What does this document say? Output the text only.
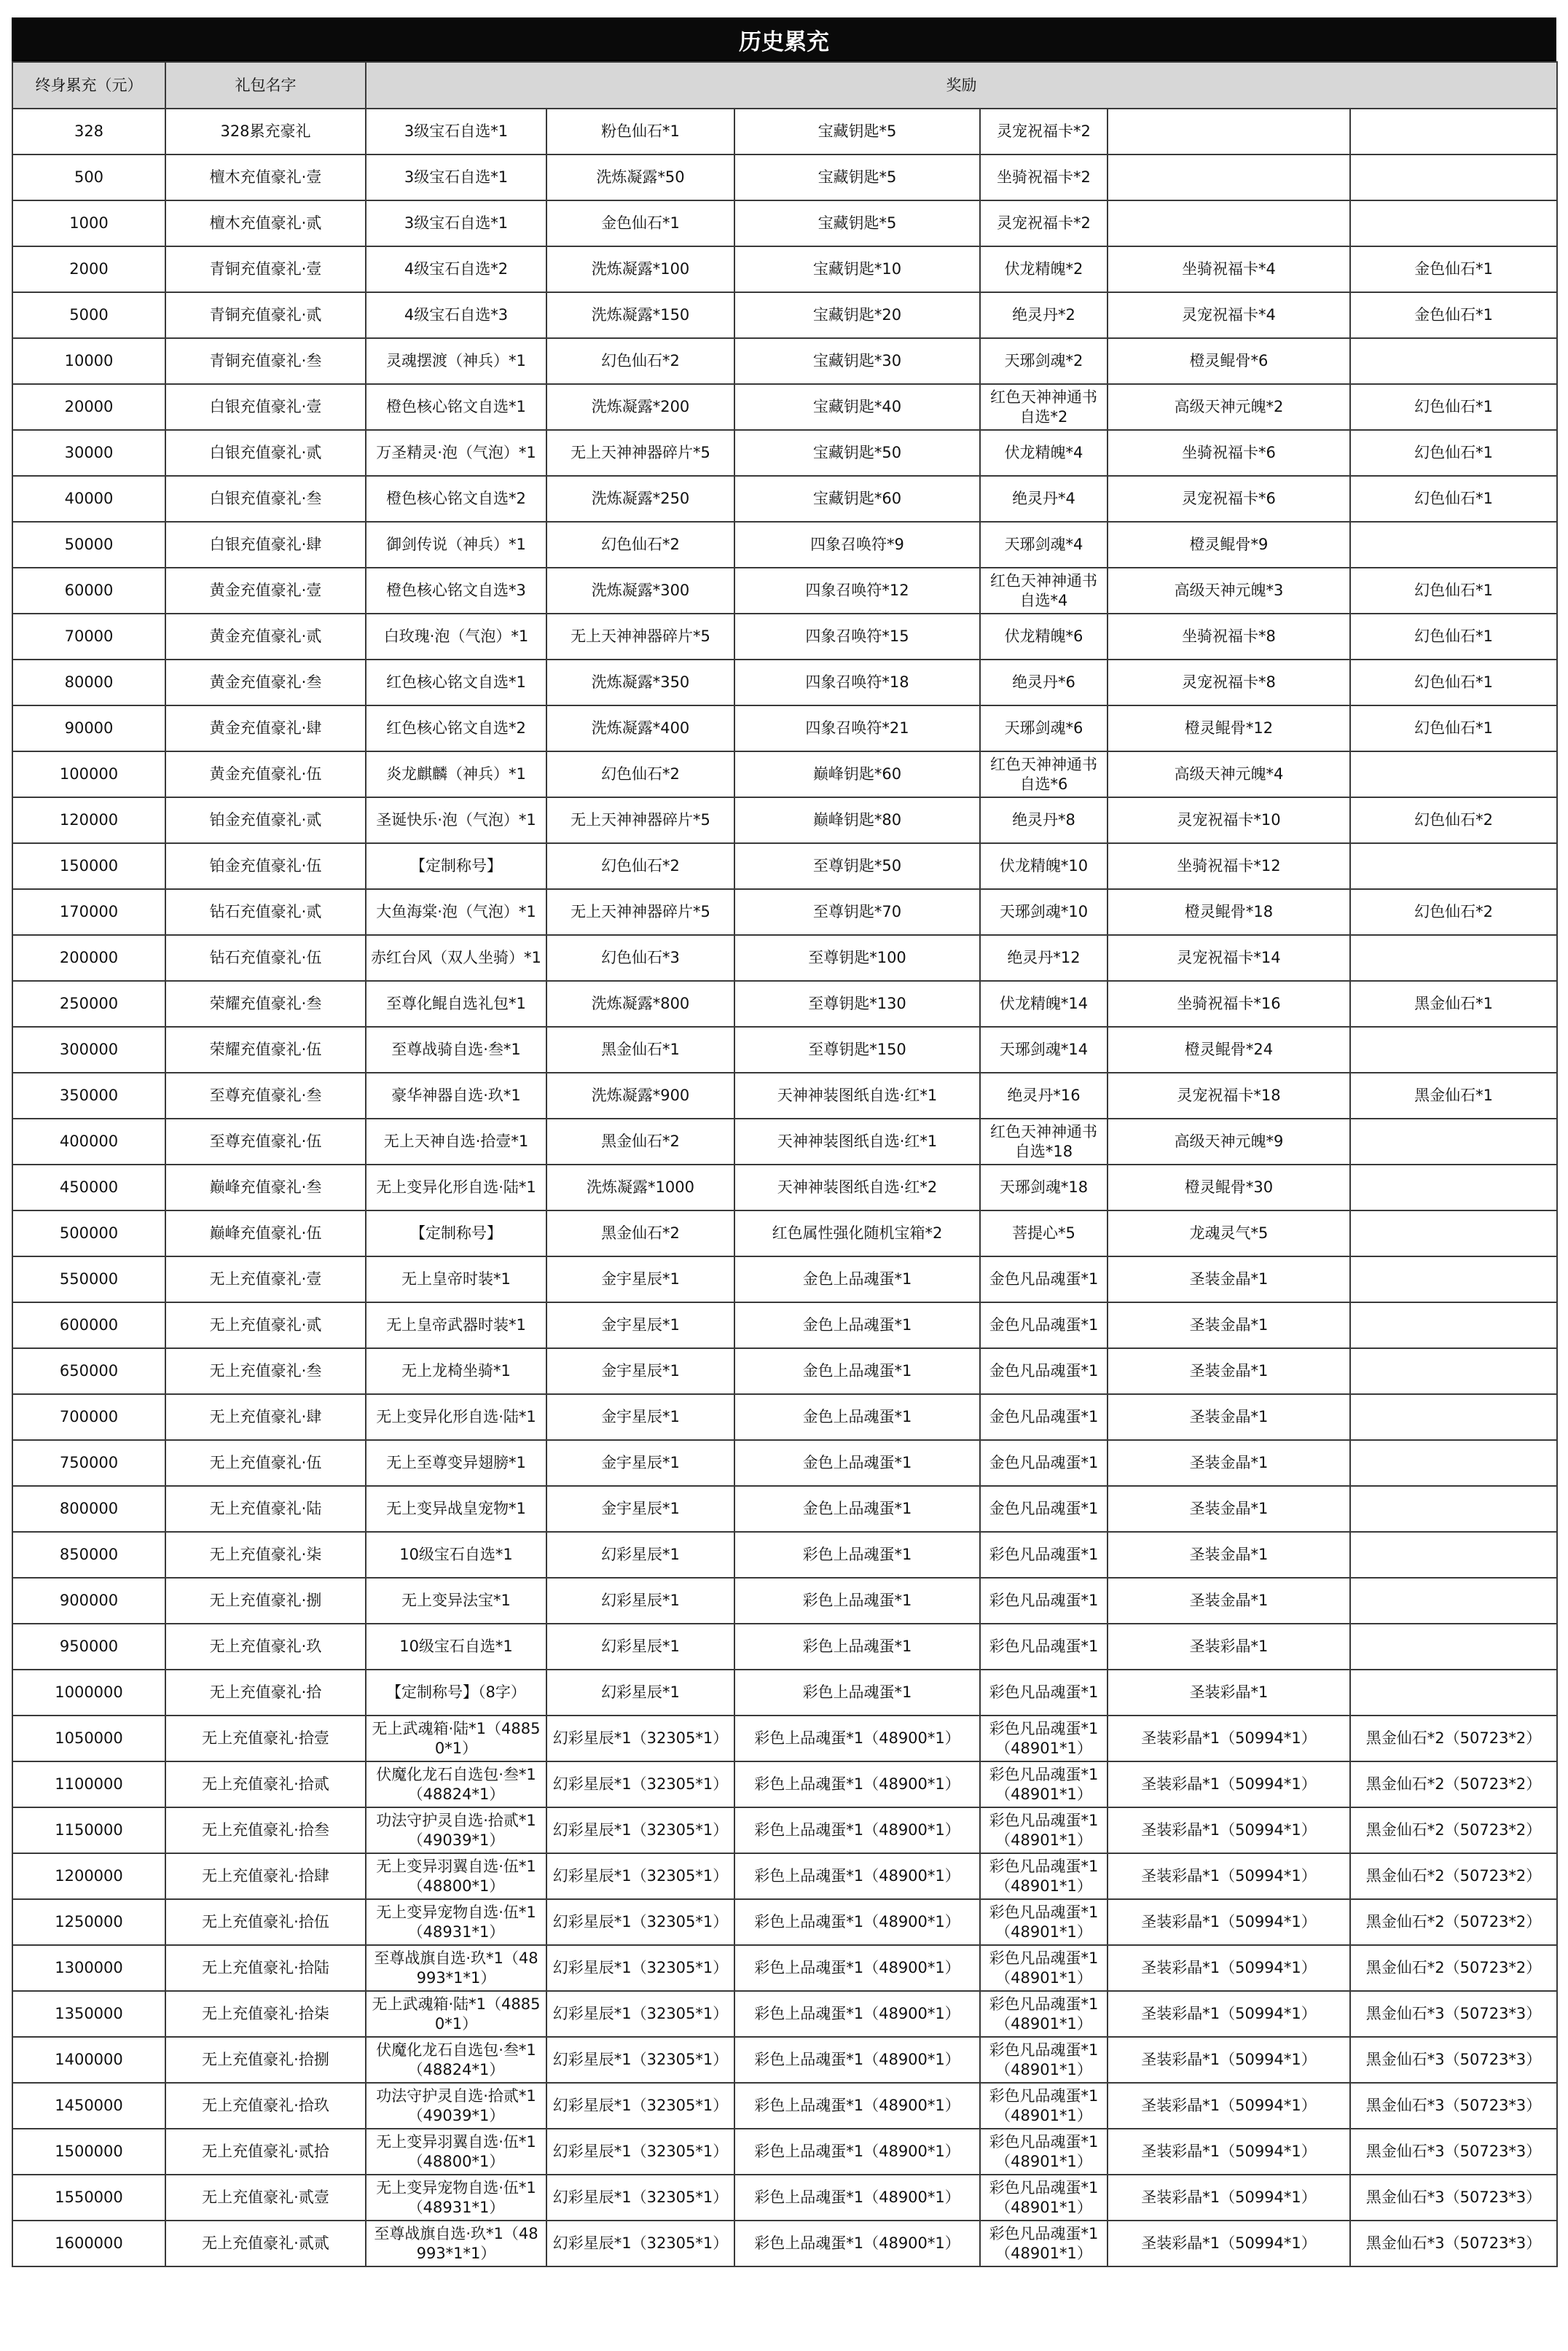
历史累充
终身累充（元）	礼包名字	奖励					
328	328累充豪礼	3级宝石自选*1	粉色仙石*1	宝藏钥匙*5	灵宠祝福卡*2		
500	檀木充值豪礼·壹	3级宝石自选*1	洗炼凝露*50	宝藏钥匙*5	坐骑祝福卡*2		
1000	檀木充值豪礼·贰	3级宝石自选*1	金色仙石*1	宝藏钥匙*5	灵宠祝福卡*2		
2000	青铜充值豪礼·壹	4级宝石自选*2	洗炼凝露*100	宝藏钥匙*10	伏龙精魄*2	坐骑祝福卡*4	金色仙石*1
5000	青铜充值豪礼·贰	4级宝石自选*3	洗炼凝露*150	宝藏钥匙*20	绝灵丹*2	灵宠祝福卡*4	金色仙石*1
10000	青铜充值豪礼·叁	灵魂摆渡（神兵）*1	幻色仙石*2	宝藏钥匙*30	天琊剑魂*2	橙灵鲲骨*6	
20000	白银充值豪礼·壹	橙色核心铭文自选*1	洗炼凝露*200	宝藏钥匙*40	红色天神神通书自选*2	高级天神元魄*2	幻色仙石*1
30000	白银充值豪礼·贰	万圣精灵·泡（气泡）*1	无上天神神器碎片*5	宝藏钥匙*50	伏龙精魄*4	坐骑祝福卡*6	幻色仙石*1
40000	白银充值豪礼·叁	橙色核心铭文自选*2	洗炼凝露*250	宝藏钥匙*60	绝灵丹*4	灵宠祝福卡*6	幻色仙石*1
50000	白银充值豪礼·肆	御剑传说（神兵）*1	幻色仙石*2	四象召唤符*9	天琊剑魂*4	橙灵鲲骨*9	
60000	黄金充值豪礼·壹	橙色核心铭文自选*3	洗炼凝露*300	四象召唤符*12	红色天神神通书自选*4	高级天神元魄*3	幻色仙石*1
70000	黄金充值豪礼·贰	白玫瑰·泡（气泡）*1	无上天神神器碎片*5	四象召唤符*15	伏龙精魄*6	坐骑祝福卡*8	幻色仙石*1
80000	黄金充值豪礼·叁	红色核心铭文自选*1	洗炼凝露*350	四象召唤符*18	绝灵丹*6	灵宠祝福卡*8	幻色仙石*1
90000	黄金充值豪礼·肆	红色核心铭文自选*2	洗炼凝露*400	四象召唤符*21	天琊剑魂*6	橙灵鲲骨*12	幻色仙石*1
100000	黄金充值豪礼·伍	炎龙麒麟（神兵）*1	幻色仙石*2	巅峰钥匙*60	红色天神神通书自选*6	高级天神元魄*4	
120000	铂金充值豪礼·贰	圣诞快乐·泡（气泡）*1	无上天神神器碎片*5	巅峰钥匙*80	绝灵丹*8	灵宠祝福卡*10	幻色仙石*2
150000	铂金充值豪礼·伍	【定制称号】	幻色仙石*2	至尊钥匙*50	伏龙精魄*10	坐骑祝福卡*12	
170000	钻石充值豪礼·贰	大鱼海棠·泡（气泡）*1	无上天神神器碎片*5	至尊钥匙*70	天琊剑魂*10	橙灵鲲骨*18	幻色仙石*2
200000	钻石充值豪礼·伍	赤红台风（双人坐骑）*1	幻色仙石*3	至尊钥匙*100	绝灵丹*12	灵宠祝福卡*14	
250000	荣耀充值豪礼·叁	至尊化鲲自选礼包*1	洗炼凝露*800	至尊钥匙*130	伏龙精魄*14	坐骑祝福卡*16	黑金仙石*1
300000	荣耀充值豪礼·伍	至尊战骑自选·叁*1	黑金仙石*1	至尊钥匙*150	天琊剑魂*14	橙灵鲲骨*24	
350000	至尊充值豪礼·叁	豪华神器自选·玖*1	洗炼凝露*900	天神神装图纸自选·红*1	绝灵丹*16	灵宠祝福卡*18	黑金仙石*1
400000	至尊充值豪礼·伍	无上天神自选·拾壹*1	黑金仙石*2	天神神装图纸自选·红*1	红色天神神通书自选*18	高级天神元魄*9	
450000	巅峰充值豪礼·叁	无上变异化形自选·陆*1	洗炼凝露*1000	天神神装图纸自选·红*2	天琊剑魂*18	橙灵鲲骨*30	
500000	巅峰充值豪礼·伍	【定制称号】	黑金仙石*2	红色属性强化随机宝箱*2	菩提心*5	龙魂灵气*5	
550000	无上充值豪礼·壹	无上皇帝时装*1	金宇星辰*1	金色上品魂蛋*1	金色凡品魂蛋*1	圣装金晶*1	
600000	无上充值豪礼·贰	无上皇帝武器时装*1	金宇星辰*1	金色上品魂蛋*1	金色凡品魂蛋*1	圣装金晶*1	
650000	无上充值豪礼·叁	无上龙椅坐骑*1	金宇星辰*1	金色上品魂蛋*1	金色凡品魂蛋*1	圣装金晶*1	
700000	无上充值豪礼·肆	无上变异化形自选·陆*1	金宇星辰*1	金色上品魂蛋*1	金色凡品魂蛋*1	圣装金晶*1	
750000	无上充值豪礼·伍	无上至尊变异翅膀*1	金宇星辰*1	金色上品魂蛋*1	金色凡品魂蛋*1	圣装金晶*1	
800000	无上充值豪礼·陆	无上变异战皇宠物*1	金宇星辰*1	金色上品魂蛋*1	金色凡品魂蛋*1	圣装金晶*1	
850000	无上充值豪礼·柒	10级宝石自选*1	幻彩星辰*1	彩色上品魂蛋*1	彩色凡品魂蛋*1	圣装金晶*1	
900000	无上充值豪礼·捌	无上变异法宝*1	幻彩星辰*1	彩色上品魂蛋*1	彩色凡品魂蛋*1	圣装金晶*1	
950000	无上充值豪礼·玖	10级宝石自选*1	幻彩星辰*1	彩色上品魂蛋*1	彩色凡品魂蛋*1	圣装彩晶*1	
1000000	无上充值豪礼·拾	【定制称号】（8字）	幻彩星辰*1	彩色上品魂蛋*1	彩色凡品魂蛋*1	圣装彩晶*1	
1050000	无上充值豪礼·拾壹	无上武魂箱·陆*1（48850*1）	幻彩星辰*1（32305*1）	彩色上品魂蛋*1（48900*1）	彩色凡品魂蛋*1（48901*1）	圣装彩晶*1（50994*1）	黑金仙石*2（50723*2）
1100000	无上充值豪礼·拾贰	伏魔化龙石自选包·叁*1（48824*1）	幻彩星辰*1（32305*1）	彩色上品魂蛋*1（48900*1）	彩色凡品魂蛋*1（48901*1）	圣装彩晶*1（50994*1）	黑金仙石*2（50723*2）
1150000	无上充值豪礼·拾叁	功法守护灵自选·拾贰*1（49039*1）	幻彩星辰*1（32305*1）	彩色上品魂蛋*1（48900*1）	彩色凡品魂蛋*1（48901*1）	圣装彩晶*1（50994*1）	黑金仙石*2（50723*2）
1200000	无上充值豪礼·拾肆	无上变异羽翼自选·伍*1（48800*1）	幻彩星辰*1（32305*1）	彩色上品魂蛋*1（48900*1）	彩色凡品魂蛋*1（48901*1）	圣装彩晶*1（50994*1）	黑金仙石*2（50723*2）
1250000	无上充值豪礼·拾伍	无上变异宠物自选·伍*1（48931*1）	幻彩星辰*1（32305*1）	彩色上品魂蛋*1（48900*1）	彩色凡品魂蛋*1（48901*1）	圣装彩晶*1（50994*1）	黑金仙石*2（50723*2）
1300000	无上充值豪礼·拾陆	至尊战旗自选·玖*1（48993*1*1）	幻彩星辰*1（32305*1）	彩色上品魂蛋*1（48900*1）	彩色凡品魂蛋*1（48901*1）	圣装彩晶*1（50994*1）	黑金仙石*2（50723*2）
1350000	无上充值豪礼·拾柒	无上武魂箱·陆*1（48850*1）	幻彩星辰*1（32305*1）	彩色上品魂蛋*1（48900*1）	彩色凡品魂蛋*1（48901*1）	圣装彩晶*1（50994*1）	黑金仙石*3（50723*3）
1400000	无上充值豪礼·拾捌	伏魔化龙石自选包·叁*1（48824*1）	幻彩星辰*1（32305*1）	彩色上品魂蛋*1（48900*1）	彩色凡品魂蛋*1（48901*1）	圣装彩晶*1（50994*1）	黑金仙石*3（50723*3）
1450000	无上充值豪礼·拾玖	功法守护灵自选·拾贰*1（49039*1）	幻彩星辰*1（32305*1）	彩色上品魂蛋*1（48900*1）	彩色凡品魂蛋*1（48901*1）	圣装彩晶*1（50994*1）	黑金仙石*3（50723*3）
1500000	无上充值豪礼·贰拾	无上变异羽翼自选·伍*1（48800*1）	幻彩星辰*1（32305*1）	彩色上品魂蛋*1（48900*1）	彩色凡品魂蛋*1（48901*1）	圣装彩晶*1（50994*1）	黑金仙石*3（50723*3）
1550000	无上充值豪礼·贰壹	无上变异宠物自选·伍*1（48931*1）	幻彩星辰*1（32305*1）	彩色上品魂蛋*1（48900*1）	彩色凡品魂蛋*1（48901*1）	圣装彩晶*1（50994*1）	黑金仙石*3（50723*3）
1600000	无上充值豪礼·贰贰	至尊战旗自选·玖*1（48993*1*1）	幻彩星辰*1（32305*1）	彩色上品魂蛋*1（48900*1）	彩色凡品魂蛋*1（48901*1）	圣装彩晶*1（50994*1）	黑金仙石*3（50723*3）
